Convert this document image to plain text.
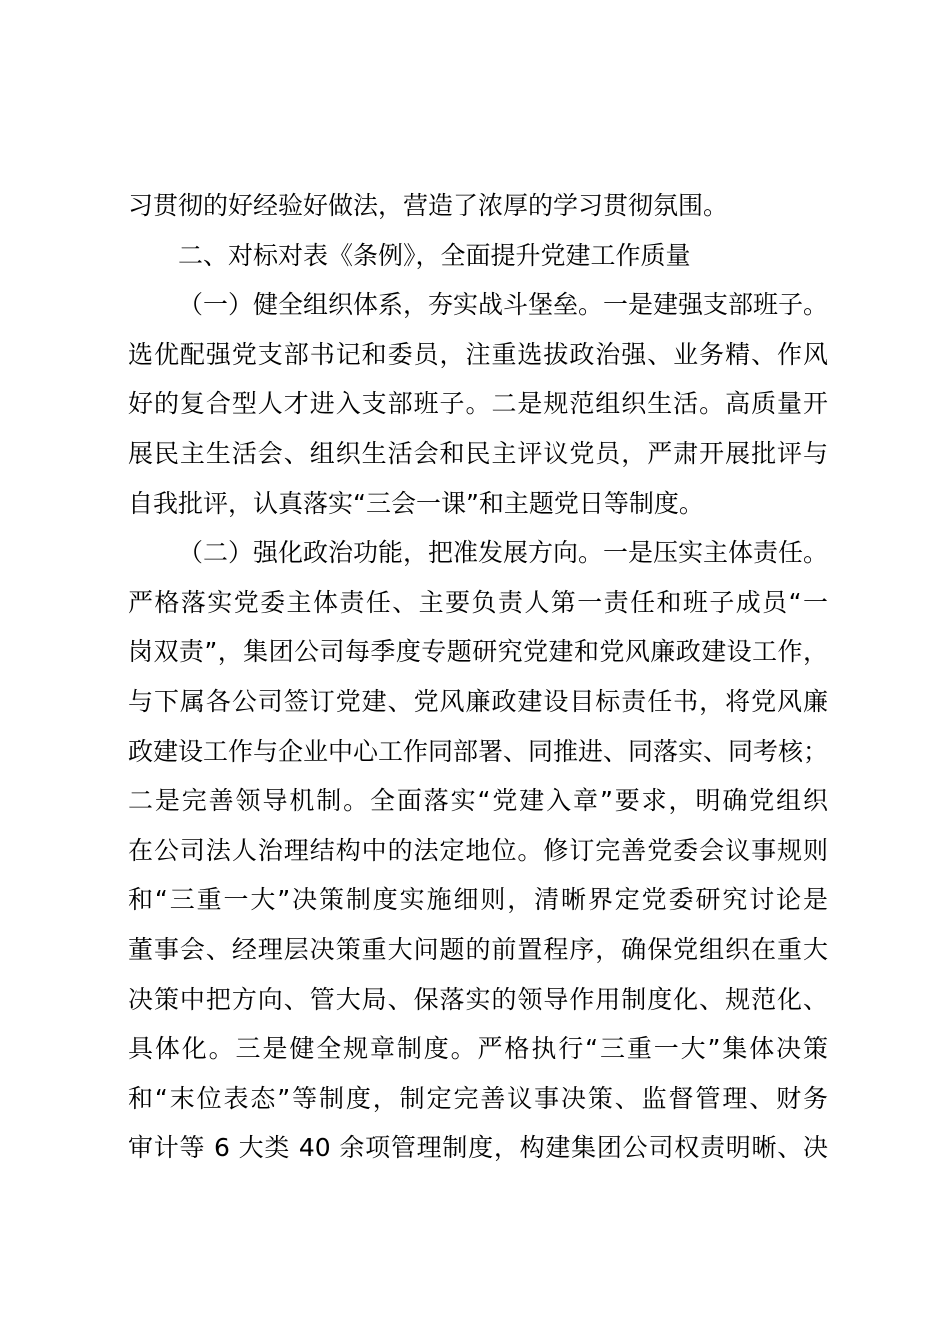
习贯彻的好经验好做法，营造了浓厚的学习贯彻氛围。
二、对标对表《条例》，全面提升党建工作质量
（一）健全组织体系，夯实战斗堡垒。一是建强支部班子。
选优配强党支部书记和委员，注重选拔政治强、业务精、作风
好的复合型人才进入支部班子。二是规范组织生活。高质量开
展民主生活会、组织生活会和民主评议党员，严肃开展批评与
自我批评，认真落实“三会一课”和主题党日等制度。
（二）强化政治功能，把准发展方向。一是压实主体责任。
严格落实党委主体责任、主要负责人第一责任和班子成员“一
岗双责”，集团公司每季度专题研究党建和党风廉政建设工作，
与下属各公司签订党建、党风廉政建设目标责任书，将党风廉
政建设工作与企业中心工作同部署、同推进、同落实、同考核；
二是完善领导机制。全面落实“党建入章”要求，明确党组织
在公司法人治理结构中的法定地位。修订完善党委会议事规则
和“三重一大”决策制度实施细则，清晰界定党委研究讨论是
董事会、经理层决策重大问题的前置程序，确保党组织在重大
决策中把方向、管大局、保落实的领导作用制度化、规范化、
具体化。三是健全规章制度。严格执行“三重一大”集体决策
和“末位表态”等制度，制定完善议事决策、监督管理、财务
审计等 6 大类 40 余项管理制度，构建集团公司权责明晰、决
